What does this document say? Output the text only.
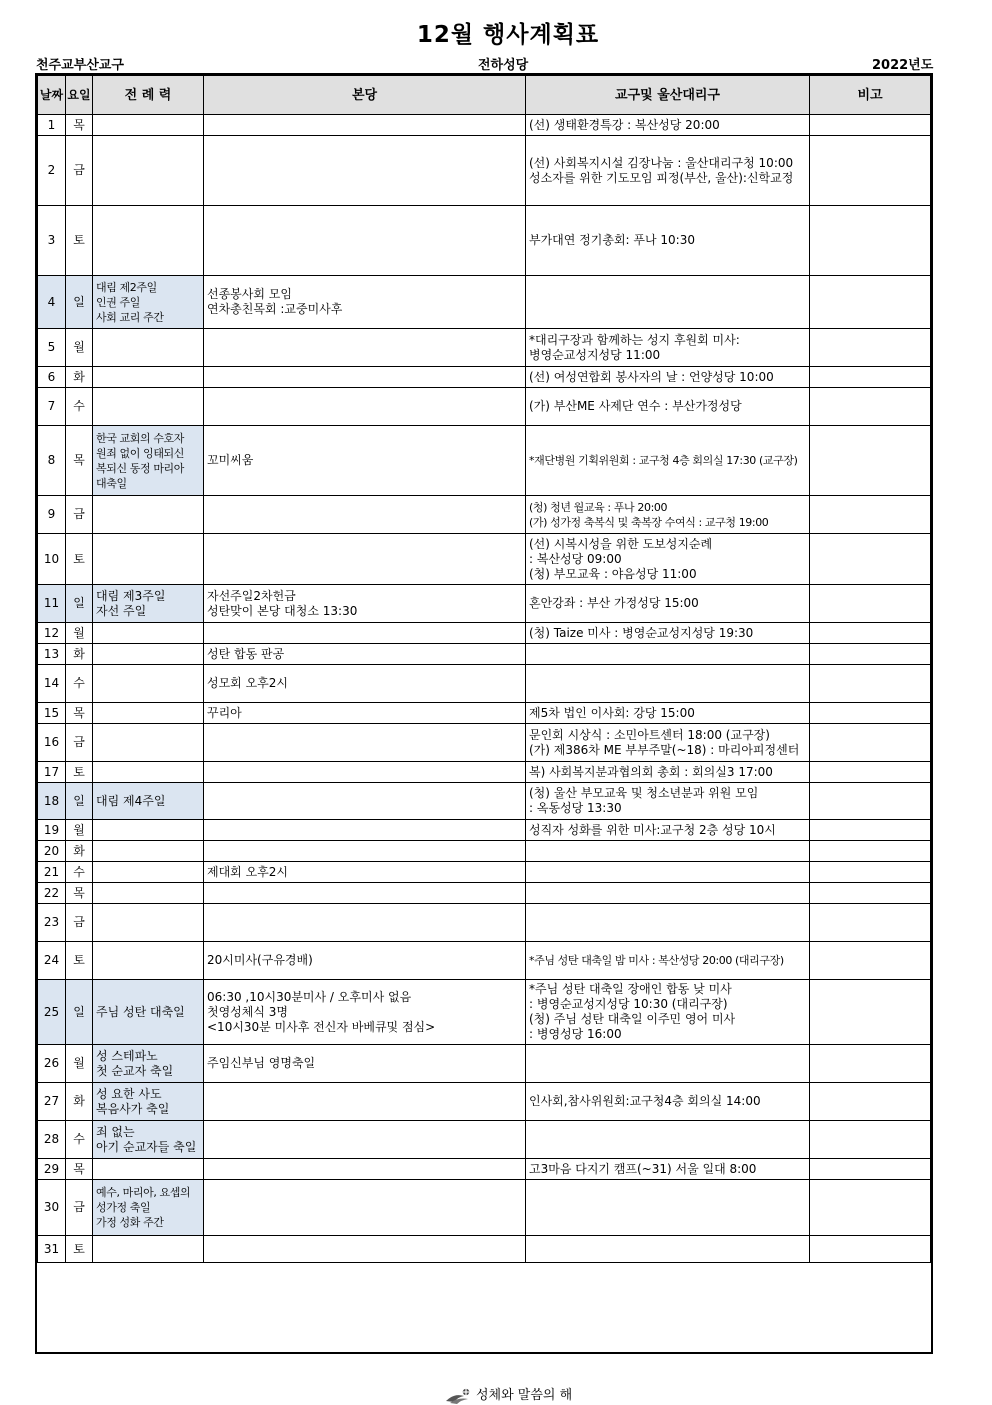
12월 행사계획표
천주교부산교구	전하성당	2022년도
날짜	요일	전 례 력	본당	교구및 울산대리구	비고
1	목			(선) 생태환경특강 : 복산성당 20:00	
2	금			(선) 사회복지시설 김장나눔 : 울산대리구청 10:00
성소자를 위한 기도모임 피정(부산, 울산):신학교정	
3	토			부가대연 정기총회: 푸나 10:30	
4	일	대림 제2주일
인권 주일
사회 교리 주간	선종봉사회 모임
연차총친목회 :교중미사후		
5	월			*대리구장과 함께하는 성지 후원회 미사:
병영순교성지성당 11:00	
6	화			(선) 여성연합회 봉사자의 날 : 언양성당 10:00	
7	수			(가) 부산ME 사제단 연수 : 부산가정성당	
8	목	한국 교회의 수호자
원죄 없이 잉태되신
복되신 동정 마리아
대축일	꼬미씨움	*재단병원 기획위원회 : 교구청 4층 회의실 17:30 (교구장)	
9	금			(청) 청년 월교육 : 푸나 20:00
(가) 성가정 축복식 및 축복장 수여식 : 교구청 19:00	
10	토			(선) 시복시성을 위한 도보성지순례
: 복산성당 09:00
(청) 부모교육 : 야음성당 11:00	
11	일	대림 제3주일
자선 주일	자선주일2차헌금
성탄맞이 본당 대청소 13:30	혼안강좌 : 부산 가정성당 15:00	
12	월			(청) Taize 미사 : 병영순교성지성당 19:30	
13	화		성탄 합동 판공		
14	수		성모회 오후2시		
15	목		꾸리아	제5차 법인 이사회: 강당 15:00	
16	금			문인회 시상식 : 소민아트센터 18:00 (교구장)
(가) 제386차 ME 부부주말(~18) : 마리아피정센터	
17	토			복) 사회복지분과협의회 총회 : 회의실3 17:00	
18	일	대림 제4주일		(청) 울산 부모교육 및 청소년분과 위원 모임
: 옥동성당 13:30	
19	월			성직자 성화를 위한 미사:교구청 2층 성당 10시	
20	화				
21	수		제대회 오후2시		
22	목				
23	금				
24	토		20시미사(구유경배)	*주님 성탄 대축일 밤 미사 : 복산성당 20:00 (대리구장)	
25	일	주님 성탄 대축일	06:30 ,10시30분미사 / 오후미사 없음
첫영성체식 3명
<10시30분 미사후 전신자 바베큐및 점심>	*주님 성탄 대축일 장애인 합동 낮 미사
: 병영순교성지성당 10:30 (대리구장)
(청) 주님 성탄 대축일 이주민 영어 미사
: 병영성당 16:00	
26	월	성 스테파노
첫 순교자 축일	주임신부님 영명축일		
27	화	성 요한 사도
복음사가 축일		인사회,참사위원회:교구청4층 회의실 14:00	
28	수	죄 없는
아기 순교자들 축일			
29	목			고3마음 다지기 캠프(~31) 서울 일대 8:00	
30	금	예수, 마리아, 요셉의
성가정 축일
가정 성화 주간			
31	토				

성체와 말씀의 해
